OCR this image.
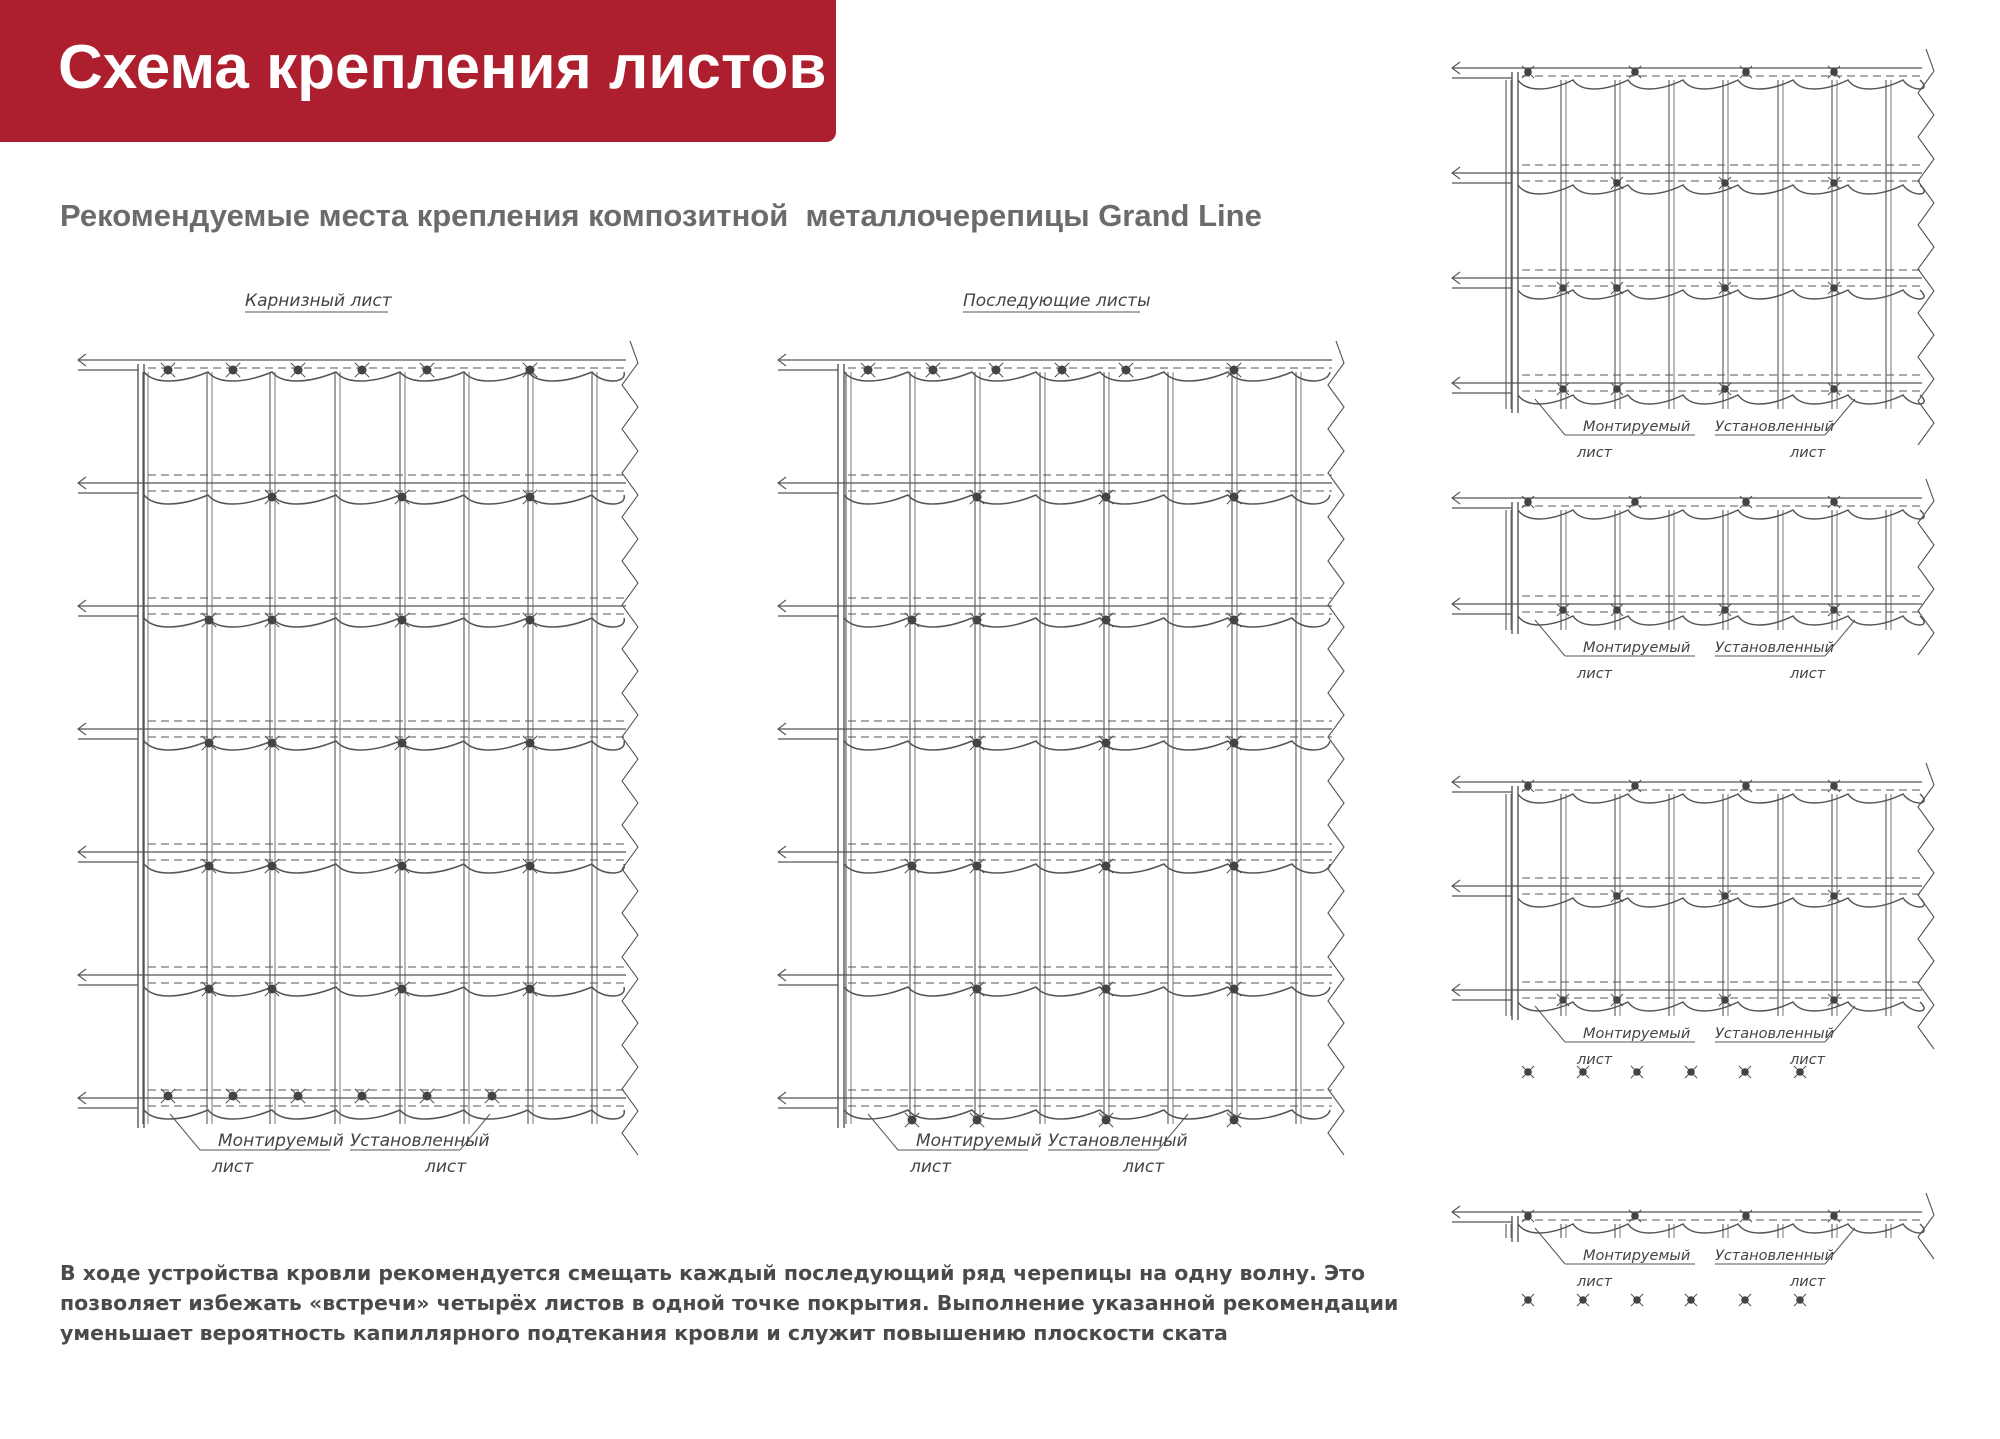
Схема крепления листов
Рекомендуемые места крепления композитной  металлочерепицы Grand Line
Карнизный лист
Монтируемый
лист
Установленный
лист
Последующие листы
Монтируемый
лист
Установленный
лист
Монтируемый
лист
Установленный
лист
Монтируемый
лист
Установленный
лист
Монтируемый
лист
Установленный
лист
Монтируемый
лист
Установленный
лист
В ходе устройства кровли рекомендуется смещать каждый последующий ряд черепицы на одну волну. Это
позволяет избежать «встречи» четырёх листов в одной точке покрытия. Выполнение указанной рекомендации
уменьшает вероятность капиллярного подтекания кровли и служит повышению плоскости ската
